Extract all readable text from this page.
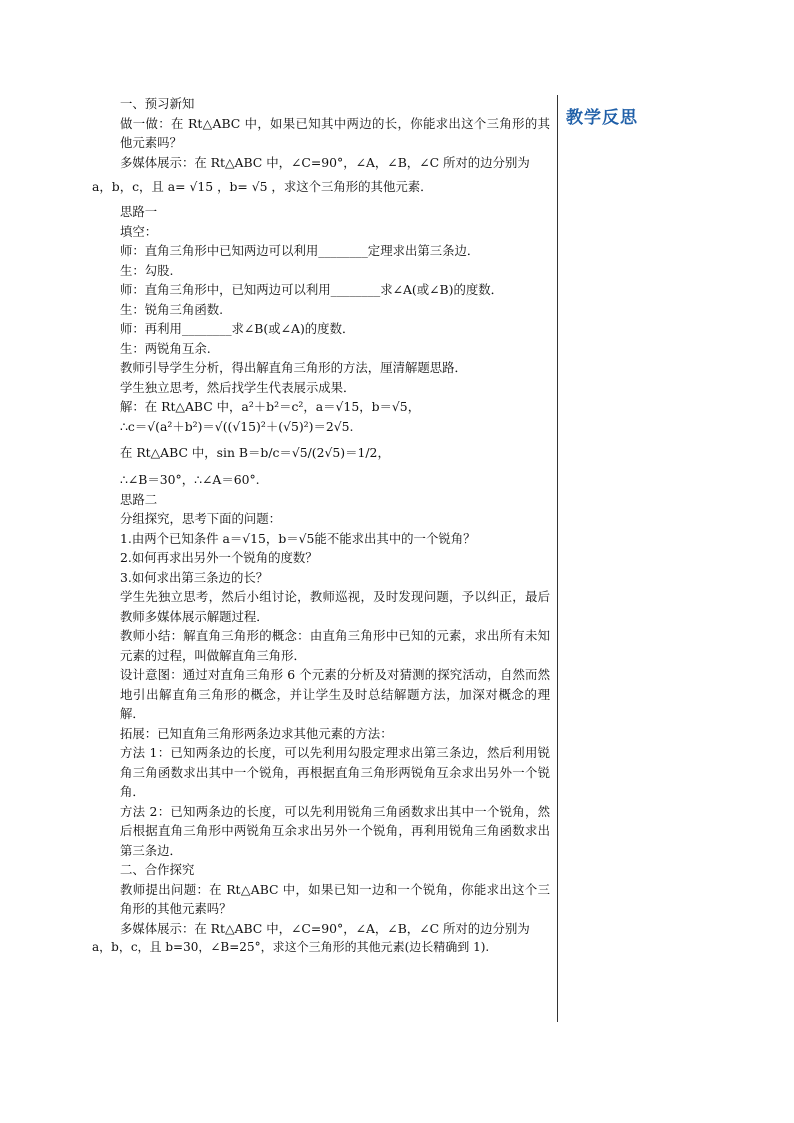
教学反思
一、预习新知
做一做：在 Rt△ABC 中，如果已知其中两边的长，你能求出这个三角形的其他元素吗？
多媒体展示：在 Rt△ABC 中，∠C=90°，∠A，∠B，∠C 所对的边分别为
a，b，c，且 a= √15 ，b= √5 ，求这个三角形的其他元素．
思路一
填空：
师：直角三角形中已知两边可以利用________定理求出第三条边．
生：勾股.
师：直角三角形中，已知两边可以利用________求∠A(或∠B)的度数．
生：锐角三角函数.
师：再利用________求∠B(或∠A)的度数．
生：两锐角互余.
教师引导学生分析，得出解直角三角形的方法，厘清解题思路．
学生独立思考，然后找学生代表展示成果．
解：在 Rt△ABC 中，a²＋b²＝c²，a＝√15，b＝√5，
∴c＝√(a²＋b²)＝√((√15)²＋(√5)²)＝2√5.
在 Rt△ABC 中，sin B＝b/c＝√5/(2√5)＝1/2，
∴∠B＝30°，∴∠A＝60°.
思路二
分组探究，思考下面的问题：
1.由两个已知条件 a＝√15，b＝√5能不能求出其中的一个锐角？
2.如何再求出另外一个锐角的度数？
3.如何求出第三条边的长？
学生先独立思考，然后小组讨论，教师巡视，及时发现问题，予以纠正，最后教师多媒体展示解题过程．
教师小结：解直角三角形的概念：由直角三角形中已知的元素，求出所有未知元素的过程，叫做解直角三角形．
设计意图：通过对直角三角形 6 个元素的分析及对猜测的探究活动，自然而然地引出解直角三角形的概念，并让学生及时总结解题方法，加深对概念的理解．
拓展：已知直角三角形两条边求其他元素的方法：
方法 1：已知两条边的长度，可以先利用勾股定理求出第三条边，然后利用锐角三角函数求出其中一个锐角，再根据直角三角形两锐角互余求出另外一个锐角．
方法 2：已知两条边的长度，可以先利用锐角三角函数求出其中一个锐角，然后根据直角三角形中两锐角互余求出另外一个锐角，再利用锐角三角函数求出第三条边．
二、合作探究
教师提出问题：在 Rt△ABC 中，如果已知一边和一个锐角，你能求出这个三角形的其他元素吗？
多媒体展示：在 Rt△ABC 中，∠C=90°，∠A，∠B，∠C 所对的边分别为
a，b，c，且 b=30，∠B=25°，求这个三角形的其他元素(边长精确到 1).
